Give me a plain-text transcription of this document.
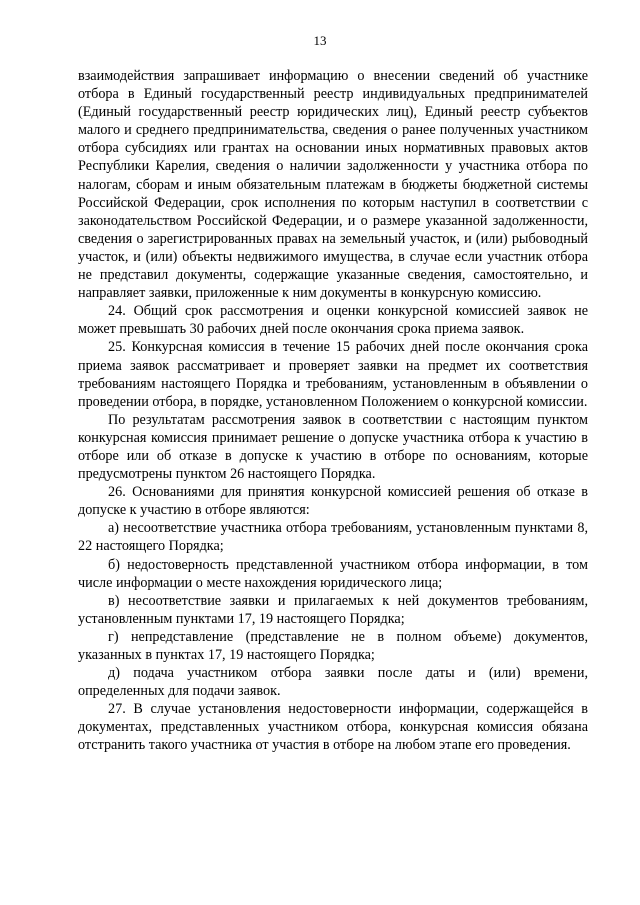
13

взаимодействия запрашивает информацию о внесении сведений об участнике отбора в Единый государственный реестр индивидуальных предпринимателей (Единый государственный реестр юридических лиц), Единый реестр субъектов малого и среднего предпринимательства, сведения о ранее полученных участником отбора субсидиях или грантах на основании иных нормативных правовых актов Республики Карелия, сведения о наличии задолженности у участника отбора по налогам, сборам и иным обязательным платежам в бюджеты бюджетной системы Российской Федерации, срок исполнения по которым наступил в соответствии с законодательством Российской Федерации, и о размере указанной задолженности, сведения о зарегистрированных правах на земельный участок, и (или) рыбоводный участок, и (или) объекты недвижимого имущества, в случае если участник отбора не представил документы, содержащие указанные сведения, самостоятельно, и направляет заявки, приложенные к ним документы в конкурсную комиссию.

24. Общий срок рассмотрения и оценки конкурсной комиссией заявок не может превышать 30 рабочих дней после окончания срока приема заявок.

25. Конкурсная комиссия в течение 15 рабочих дней после окончания срока приема заявок рассматривает и проверяет заявки на предмет их соответствия требованиям настоящего Порядка и требованиям, установленным в объявлении о проведении отбора, в порядке, установленном Положением о конкурсной комиссии.

По результатам рассмотрения заявок в соответствии с настоящим пунктом конкурсная комиссия принимает решение о допуске участника отбора к участию в отборе или об отказе в допуске к участию в отборе по основаниям, которые предусмотрены пунктом 26 настоящего Порядка.

26. Основаниями для принятия конкурсной комиссией решения об отказе в допуске к участию в отборе являются:

а) несоответствие участника отбора требованиям, установленным пунктами 8, 22 настоящего Порядка;

б) недостоверность представленной участником отбора информации, в том числе информации о месте нахождения юридического лица;

в) несоответствие заявки и прилагаемых к ней документов требованиям, установленным пунктами 17, 19 настоящего Порядка;

г) непредставление (представление не в полном объеме) документов, указанных в пунктах 17, 19 настоящего Порядка;

д) подача участником отбора заявки после даты и (или) времени, определенных для подачи заявок.

27. В случае установления недостоверности информации, содержащейся в документах, представленных участником отбора, конкурсная комиссия обязана отстранить такого участника от участия в отборе на любом этапе его проведения.
